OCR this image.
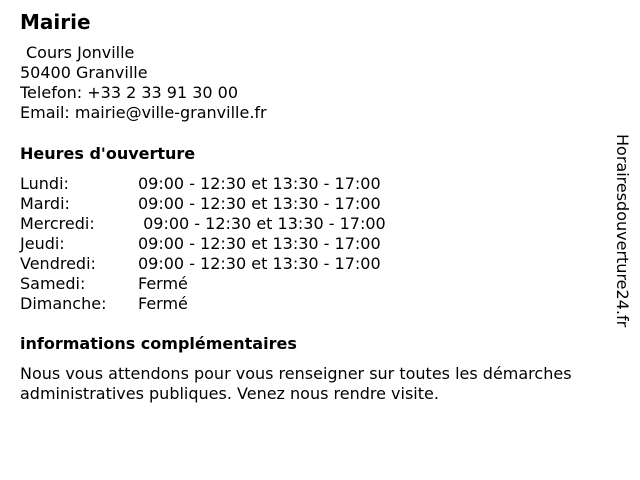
Mairie
Cours Jonville
50400 Granville
Telefon: +33 2 33 91 30 00
Email: mairie@ville-granville.fr
Heures d'ouverture
Lundi:	09:00 - 12:30 et 13:30 - 17:00
Mardi:	09:00 - 12:30 et 13:30 - 17:00
Mercredi:	09:00 - 12:30 et 13:30 - 17:00
Jeudi:	09:00 - 12:30 et 13:30 - 17:00
Vendredi:	09:00 - 12:30 et 13:30 - 17:00
Samedi:	Fermé
Dimanche:	Fermé
informations complémentaires
Nous vous attendons pour vous renseigner sur toutes les démarches administratives publiques. Venez nous rendre visite.
Horairesdouverture24.fr
